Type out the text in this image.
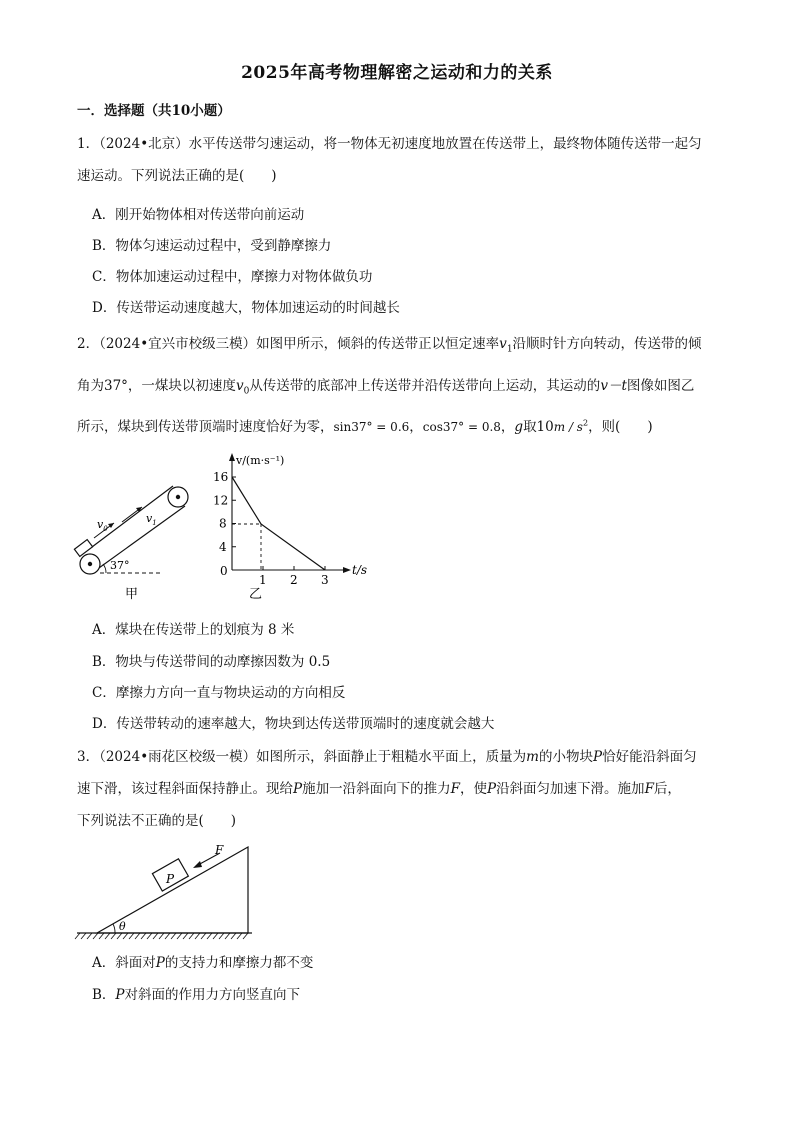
2025年高考物理解密之运动和力的关系
一．选择题（共10小题）
1．（2024•北京）水平传送带匀速运动，将一物体无初速度地放置在传送带上，最终物体随传送带一起匀
速运动。下列说法正确的是(　　)
A．刚开始物体相对传送带向前运动
B．物体匀速运动过程中，受到静摩擦力
C．物体加速运动过程中，摩擦力对物体做负功
D．传送带运动速度越大，物体加速运动的时间越长
2．（2024•宜兴市校级三模）如图甲所示，倾斜的传送带正以恒定速率$v_1$沿顺时针方向转动，传送带的倾
角为37°，一煤块以初速度$v_0$从传送带的底部冲上传送带并沿传送带向上运动，其运动的v－t图像如图乙
所示，煤块到传送带顶端时速度恰好为零，sin37° = 0.6，cos37° = 0.8，g取$10m / s^2$，则(　　)
$v_0$
$v_1$
37°
甲
v/(m·s⁻¹)
t/s
0
16
12
8
4
1 2 3
乙
A．煤块在传送带上的划痕为 8 米
B．物块与传送带间的动摩擦因数为 0.5
C．摩擦力方向一直与物块运动的方向相反
D．传送带转动的速率越大，物块到达传送带顶端时的速度就会越大
3．（2024•雨花区校级一模）如图所示，斜面静止于粗糙水平面上，质量为m的小物块P恰好能沿斜面匀
速下滑，该过程斜面保持静止。现给P施加一沿斜面向下的推力F，使P沿斜面匀加速下滑。施加F后，
下列说法不正确的是(　　)
P
F
θ
A．斜面对P的支持力和摩擦力都不变
B．P对斜面的作用力方向竖直向下
